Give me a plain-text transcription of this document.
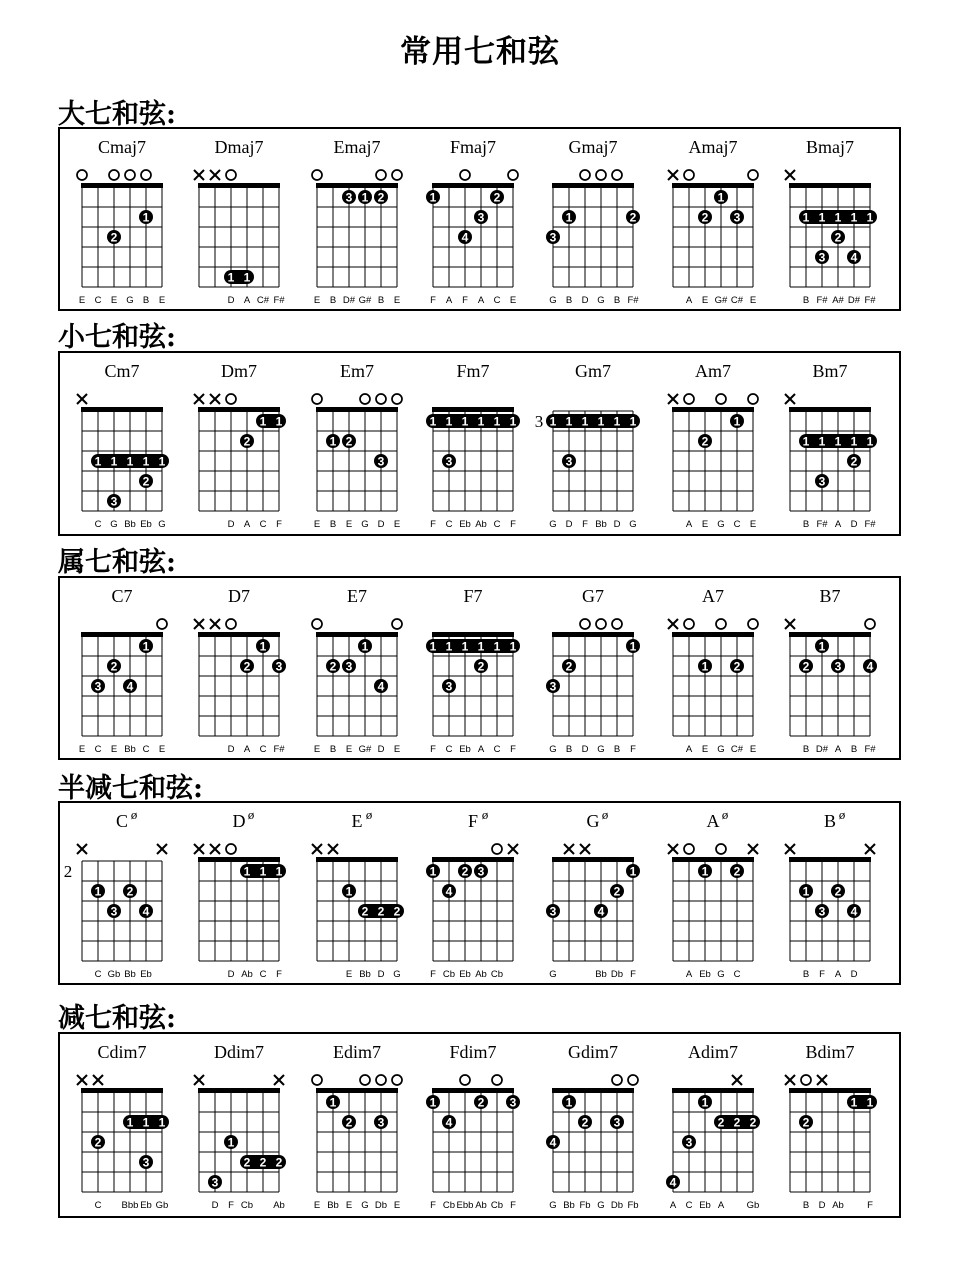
常用七和弦
大七和弦:
小七和弦:
属七和弦:
半减七和弦:
减七和弦:
Cmaj7
1
2
E C E G B E
Dmaj7
1 1
D A C# F#
Emaj7
3 1 2
E B D# G# B E
Fmaj7
1
3
2
4
F A F A C E
Gmaj7
3
1	2
G B D G B F#
Amaj7
2
1
3
A E G# C# E
Bmaj7
1 1 1 1 1
2
3 4
B F# A# D# F#
Cm7
1 1 1 1 1
2
3
C G Bb Eb G
Dm7
1 1
2
D A C F
Em7
1 2
3
E B E G D E
Fm7
1 1 1 1 1 1
3
F C Eb Ab C F
Gm7
3 1 1 1 1 1 1
3
G D F Bb D G
Am7
2
1
A E G C E
Bm7
1 1 1 1 1
2
3
B F# A D F#
C7
3
2
4
1
E C E Bb C E
D7
2
1
3
D A C F#
E7
2 3
1
4
E B E G# D E
F7
1 1 1 1 1 1
3
2
F C Eb A C F
G7
3
2
1
G B D G B F
A7
1 2
A E G C# E
B7
2
1
3 4
B D# A B F#
C ø
2
1
3
2
4
C Gb Bb Eb
D ø
1 1 1
D Ab C F
E ø
2 2 2
1
E Bb D G
F ø
1
4
2 3
F Cb Eb Ab Cb
G ø
3	4
2
1
G	Bb Db F
A ø
1 2
A Eb G C
B ø
1
3
2
4
B F A D
Cdim7
1 1 1
2
3
C Bbb Eb Gb
Ddim7
2 2 2
1
3
D F Cb Ab
Edim7
1
2 3
E Bb E G Db E
Fdim7
1
4
2 3
F Cb Ebb Ab Cb F
Gdim7
4
1
2 3
G Bb Fb G Db Fb
Adim7
2 2 2
4
3
1
A C Eb A Gb
Bdim7
1 1
2
B D Ab F
